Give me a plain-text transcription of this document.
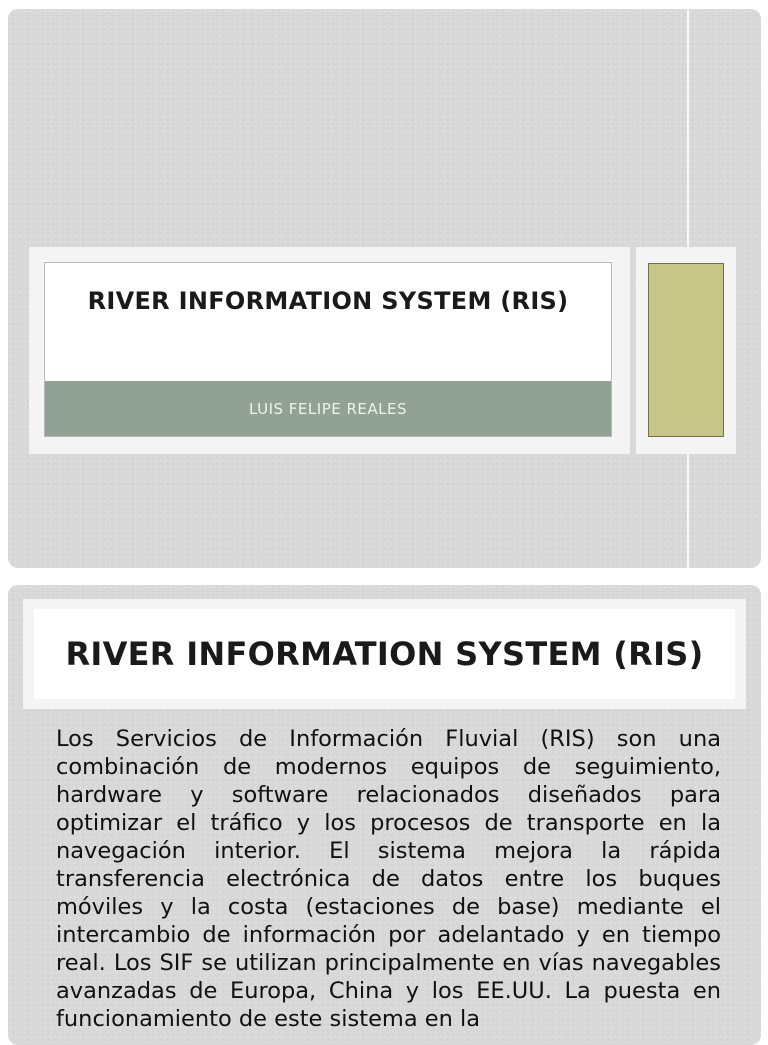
RIVER INFORMATION SYSTEM (RIS)
LUIS FELIPE REALES
RIVER INFORMATION SYSTEM (RIS)

Los Servicios de Información Fluvial (RIS) son una combinación de modernos equipos de seguimiento, hardware y software relacionados diseñados para optimizar el tráfico y los procesos de transporte en la navegación interior. El sistema mejora la rápida transferencia electrónica de datos entre los buques móviles y la costa (estaciones de base) mediante el intercambio de información por adelantado y en tiempo real. Los SIF se utilizan principalmente en vías navegables avanzadas de Europa, China y los EE.UU. La puesta en funcionamiento de este sistema en la
